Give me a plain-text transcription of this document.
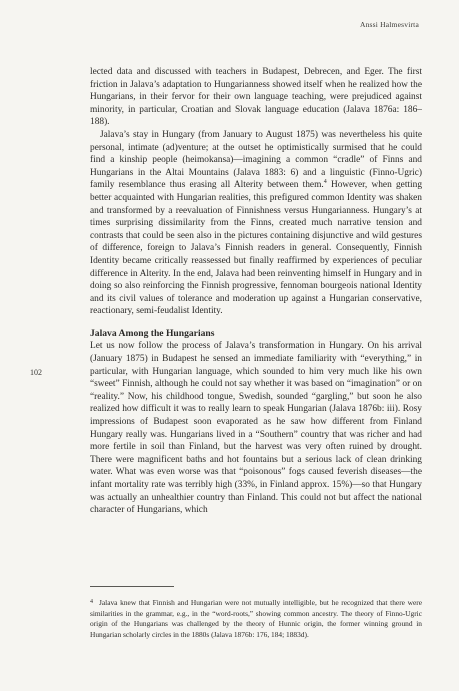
Anssi Halmesvirta
102

lected data and discussed with teachers in Budapest, Debrecen, and Eger. The first friction in Jalava’s adaptation to Hungarianness showed itself when he realized how the Hungarians, in their fervor for their own language teaching, were prejudiced against minority, in particular, Croatian and Slovak language education (Jalava 1876a: 186–188).

Jalava’s stay in Hungary (from January to August 1875) was nevertheless his quite personal, intimate (ad)venture; at the outset he optimistically surmised that he could find a kinship people (heimokansa)—imagining a common “cradle” of Finns and Hungarians in the Altai Mountains (Jalava 1883: 6) and a linguistic (Finno-Ugric) family resemblance thus erasing all Alterity between them.$^4$ However, when getting better acquainted with Hungarian realities, this prefigured common Identity was shaken and transformed by a reevaluation of Finnishness versus Hungarianness. Hungary’s at times surprising dissimilarity from the Finns, created much narrative tension and contrasts that could be seen also in the pictures containing disjunctive and wild gestures of difference, foreign to Jalava’s Finnish readers in general. Consequently, Finnish Identity became critically reassessed but finally reaffirmed by experiences of peculiar difference in Alterity. In the end, Jalava had been reinventing himself in Hungary and in doing so also reinforcing the Finnish progressive, fennoman bourgeois national Identity and its civil values of tolerance and moderation up against a Hungarian conservative, reactionary, semi-feudalist Identity.

Jalava Among the Hungarians

Let us now follow the process of Jalava’s transformation in Hungary. On his arrival (January 1875) in Budapest he sensed an immediate familiarity with “everything,” in particular, with Hungarian language, which sounded to him very much like his own “sweet” Finnish, although he could not say whether it was based on “imagination” or on “reality.” Now, his childhood tongue, Swedish, sounded “gargling,” but soon he also realized how difficult it was to really learn to speak Hungarian (Jalava 1876b: iii). Rosy impressions of Budapest soon evaporated as he saw how different from Finland Hungary really was. Hungarians lived in a “Southern” country that was richer and had more fertile in soil than Finland, but the harvest was very often ruined by drought. There were magnificent baths and hot fountains but a serious lack of clean drinking water. What was even worse was that “poisonous” fogs caused feverish diseases—the infant mortality rate was terribly high (33%, in Finland approx. 15%)—so that Hungary was actually an unhealthier country than Finland. This could not but affect the national character of Hungarians, which

$^4$ Jalava knew that Finnish and Hungarian were not mutually intelligible, but he recognized that there were similarities in the grammar, e.g., in the “word-roots,” showing common ancestry. The theory of Finno-Ugric origin of the Hungarians was challenged by the theory of Hunnic origin, the former winning ground in Hungarian scholarly circles in the 1880s (Jalava 1876b: 176, 184; 1883d).
